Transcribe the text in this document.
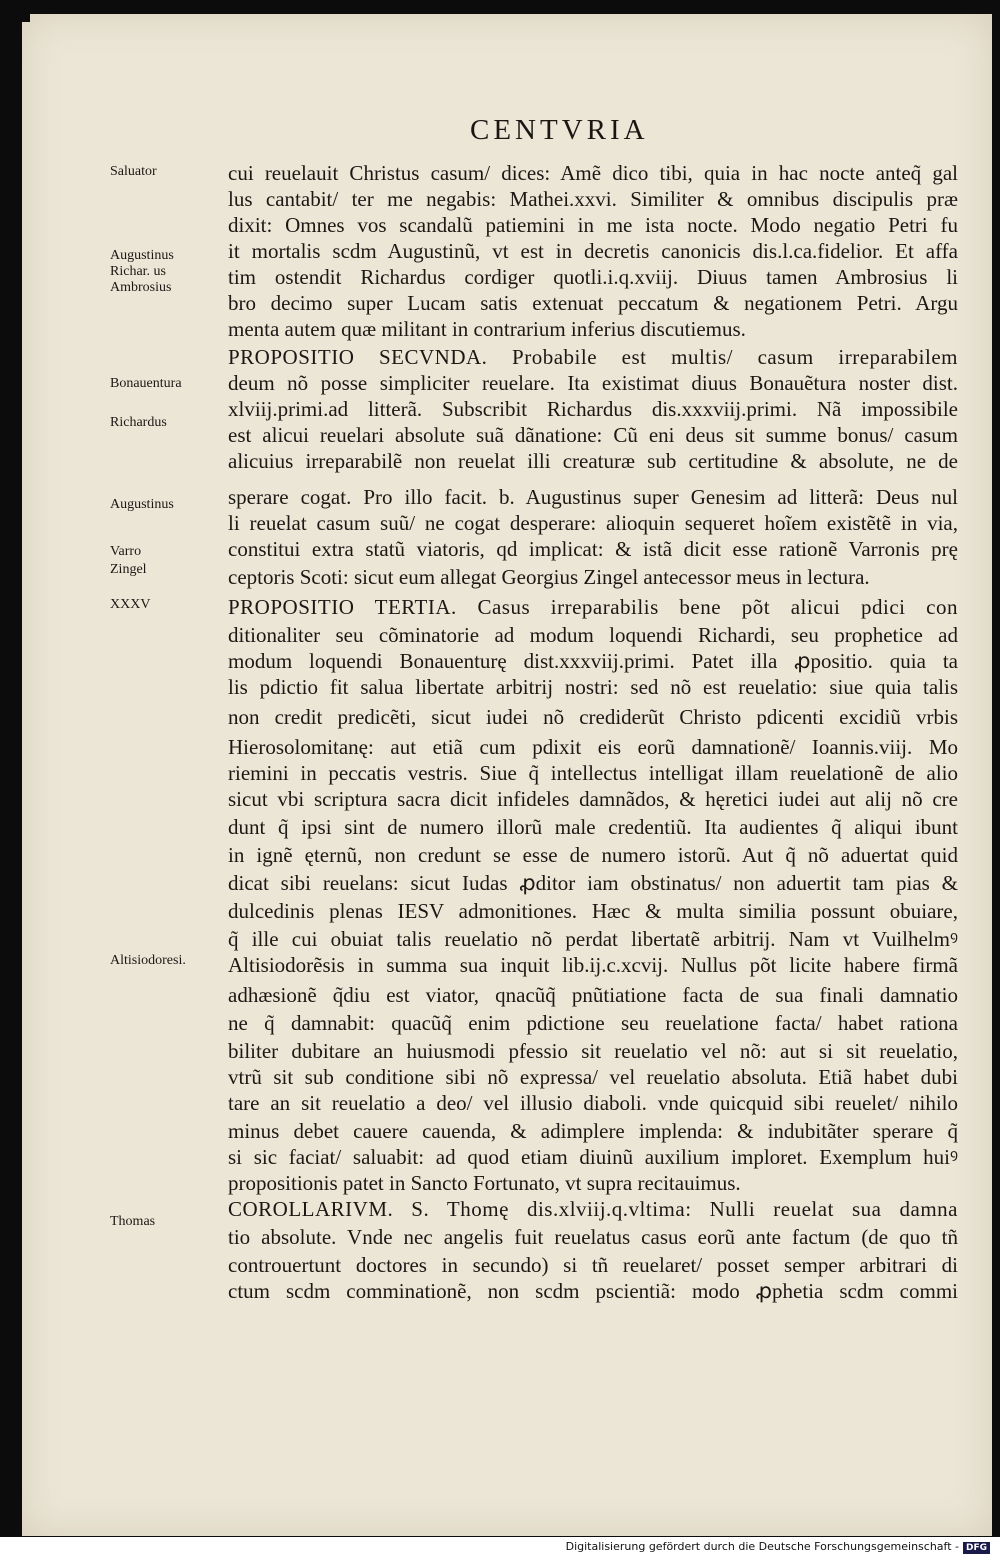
CENTVRIA
Saluator
Augustinus
Richar. us
Ambrosius
Bonauentura
Richardus
Augustinus
Varro
Zingel
XXXV
Altisiodoresi.
Thomas
cui reuelauit Christus casum/ dices: Amẽ dico tibi, quia in hac nocte anteq̃ gal
lus cantabit/ ter me negabis: Mathei.xxvi. Similiter & omnibus discipulis præ
dixit: Omnes vos scandalũ patiemini in me ista nocte. Modo negatio Petri fu
it mortalis scdm Augustinũ, vt est in decretis canonicis dis.l.ca.fidelior. Et affa
tim ostendit Richardus cordiger quotli.i.q.xviij. Diuus tamen Ambrosius li
bro decimo super Lucam satis extenuat peccatum & negationem Petri. Argu
menta autem quæ militant in contrarium inferius discutiemus.
PROPOSITIO SECVNDA. Probabile est multis/ casum irreparabilem
deum nõ posse simpliciter reuelare. Ita existimat diuus Bonauẽtura noster dist.
xlviij.primi.ad litterã. Subscribit Richardus dis.xxxviij.primi. Nã impossibile
est alicui reuelari absolute suã dãnatione: Cũ eni deus sit summe bonus/ casum
alicuius irreparabilẽ non reuelat illi creaturæ sub certitudine & absolute, ne de
sperare cogat. Pro illo facit. b. Augustinus super Genesim ad litterã: Deus nul
li reuelat casum suũ/ ne cogat desperare: alioquin sequeret hoĩem existẽtẽ in via,
constitui extra statũ viatoris, qd implicat: & istã dicit esse rationẽ Varronis prę
ceptoris Scoti: sicut eum allegat Georgius Zingel antecessor meus in lectura.
PROPOSITIO TERTIA. Casus irreparabilis bene põt alicui pdici con
ditionaliter seu cõminatorie ad modum loquendi Richardi, seu prophetice ad
modum loquendi Bonauenturę dist.xxxviij.primi. Patet illa ꝓpositio. quia ta
lis pdictio fit salua libertate arbitrij nostri: sed nõ est reuelatio: siue quia talis
non credit predicẽti, sicut iudei nõ crediderũt Christo pdicenti excidiũ vrbis
Hierosolomitanę: aut etiã cum pdixit eis eorũ damnationẽ/ Ioannis.viij. Mo
riemini in peccatis vestris. Siue q̃ intellectus intelligat illam reuelationẽ de alio
sicut vbi scriptura sacra dicit infideles damnãdos, & hęretici iudei aut alij nõ cre
dunt q̃ ipsi sint de numero illorũ male credentiũ. Ita audientes q̃ aliqui ibunt
in ignẽ ęternũ, non credunt se esse de numero istorũ. Aut q̃ nõ aduertat quid
dicat sibi reuelans: sicut Iudas ꝓditor iam obstinatus/ non aduertit tam pias &
dulcedinis plenas IESV admonitiones. Hæc & multa similia possunt obuiare,
q̃ ille cui obuiat talis reuelatio nõ perdat libertatẽ arbitrij. Nam vt Vuilhelmꝰ
Altisiodorẽsis in summa sua inquit lib.ij.c.xcvij. Nullus põt licite habere firmã
adhæsionẽ q̃diu est viator, qnacũq̃ pnũtiatione facta de sua finali damnatio
ne q̃ damnabit: quacũq̃ enim pdictione seu reuelatione facta/ habet rationa
biliter dubitare an huiusmodi pfessio sit reuelatio vel nõ: aut si sit reuelatio,
vtrũ sit sub conditione sibi nõ expressa/ vel reuelatio absoluta. Etiã habet dubi
tare an sit reuelatio a deo/ vel illusio diaboli. vnde quicquid sibi reuelet/ nihilo
minus debet cauere cauenda, & adimplere implenda: & indubitãter sperare q̃
si sic faciat/ saluabit: ad quod etiam diuinũ auxilium imploret. Exemplum huiꝰ
propositionis patet in Sancto Fortunato, vt supra recitauimus.
COROLLARIVM. S. Thomę dis.xlviij.q.vltima: Nulli reuelat sua damna
tio absolute. Vnde nec angelis fuit reuelatus casus eorũ ante factum (de quo tñ
controuertunt doctores in secundo) si tñ reuelaret/ posset semper arbitrari di
ctum scdm comminationẽ, non scdm pscientiã: modo ꝓphetia scdm commi
Digitalisierung gefördert durch die Deutsche Forschungsgemeinschaft - DFG
